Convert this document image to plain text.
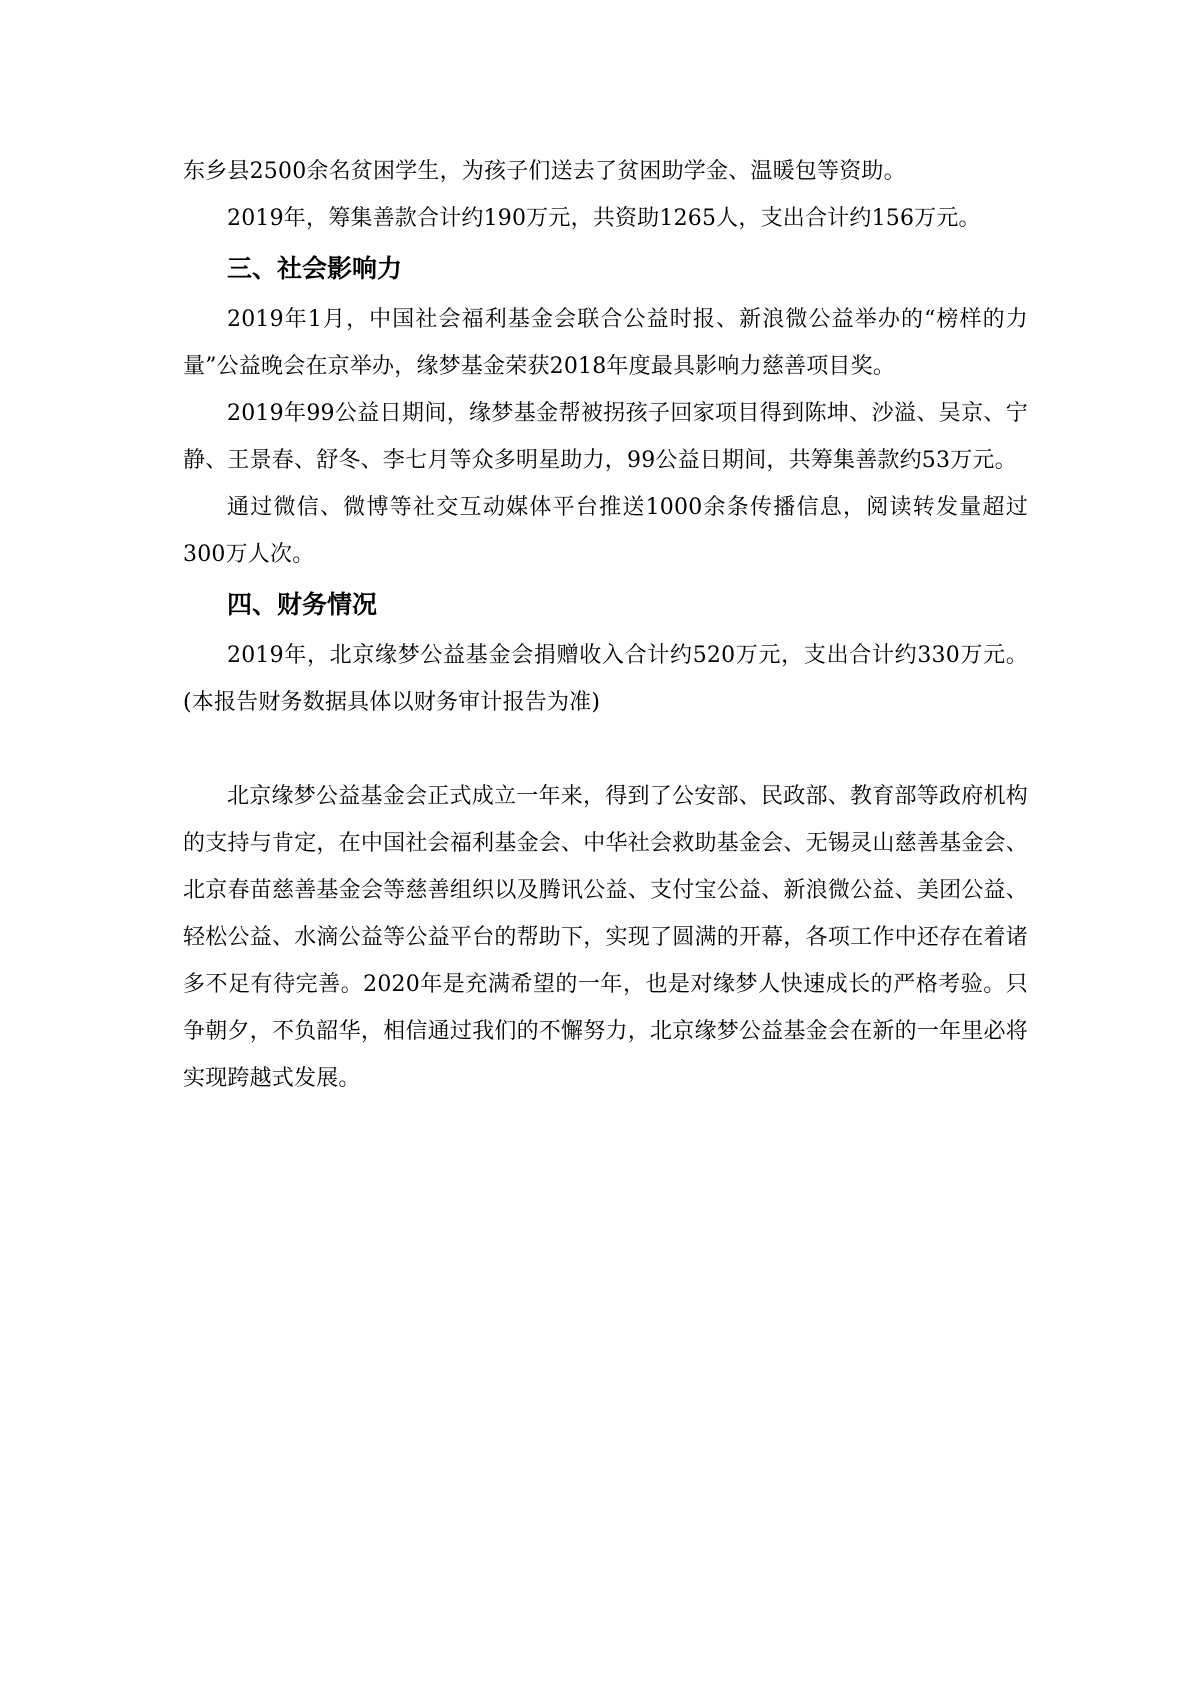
东乡县2500余名贫困学生，为孩子们送去了贫困助学金、温暖包等资助。

2019年，筹集善款合计约190万元，共资助1265人，支出合计约156万元。

三、社会影响力

2019年1月，中国社会福利基金会联合公益时报、新浪微公益举办的“榜样的力量”公益晚会在京举办，缘梦基金荣获2018年度最具影响力慈善项目奖。

2019年99公益日期间，缘梦基金帮被拐孩子回家项目得到陈坤、沙溢、吴京、宁静、王景春、舒冬、李七月等众多明星助力，99公益日期间，共筹集善款约53万元。

通过微信、微博等社交互动媒体平台推送1000余条传播信息，阅读转发量超过300万人次。

四、财务情况

2019年，北京缘梦公益基金会捐赠收入合计约520万元，支出合计约330万元。(本报告财务数据具体以财务审计报告为准)

北京缘梦公益基金会正式成立一年来，得到了公安部、民政部、教育部等政府机构的支持与肯定，在中国社会福利基金会、中华社会救助基金会、无锡灵山慈善基金会、北京春苗慈善基金会等慈善组织以及腾讯公益、支付宝公益、新浪微公益、美团公益、轻松公益、水滴公益等公益平台的帮助下，实现了圆满的开幕，各项工作中还存在着诸多不足有待完善。2020年是充满希望的一年，也是对缘梦人快速成长的严格考验。只争朝夕，不负韶华，相信通过我们的不懈努力，北京缘梦公益基金会在新的一年里必将实现跨越式发展。
